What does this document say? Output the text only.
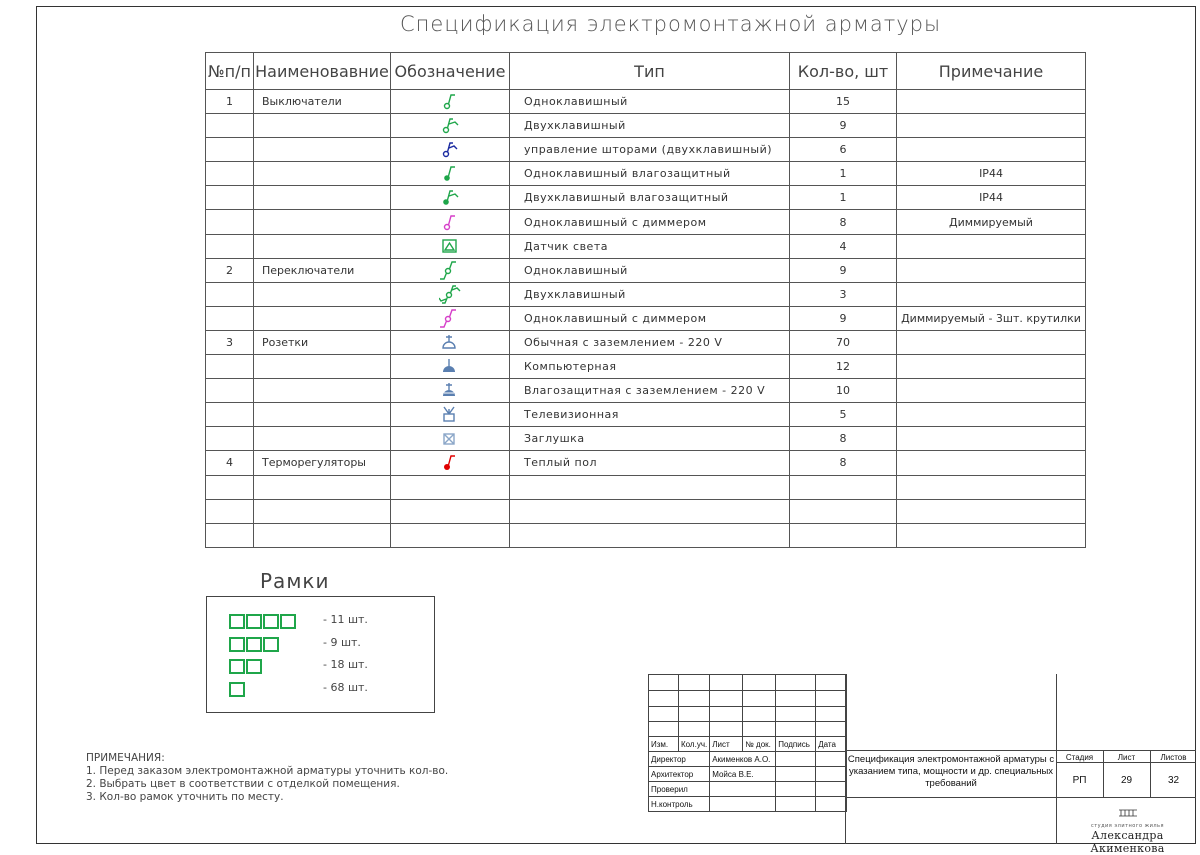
Спецификация электромонтажной арматуры
№п/п	Наименовавние	Обозначение	Тип	Кол-во, шт	Примечание
1	Выключатели		Одноклавишный	15	
			Двухклавишный	9	
			управление шторами (двухклавишный)	6	
			Одноклавишный влагозащитный	1	IP44
			Двухклавишный влагозащитный	1	IP44
			Одноклавишный с диммером	8	Диммируемый
			Датчик света	4	
2	Переключатели		Одноклавишный	9	
			Двухклавишный	3	
			Одноклавишный с диммером	9	Диммируемый - 3шт. крутилки
3	Розетки		Обычная с заземлением - 220 V	70	
			Компьютерная	12	
			Влагозащитная с заземлением - 220 V	10	
			Телевизионная	5	
			Заглушка	8	
4	Терморегуляторы		Теплый пол	8	

Рамки
- 11 шт.
- 9 шт.
- 18 шт.
- 68 шт.
ПРИМЕЧАНИЯ:
1. Перед заказом электромонтажной арматуры уточнить кол-во.
2. Выбрать цвет в соответствии с отделкой помещения.
3. Кол-во рамок уточнить по месту.

Изм.	Кол.уч.	Лист	№ док.	Подпись	Дата
Директор		Акименков А.О.			
Архитектор		Мойса В.Е.			
Проверил					
Н.контроль					
Спецификация электромонтажной арматуры с указанием типа, мощности и др. специальных требований
Стадия	Лист	Листов
РП	29	32
студия элитного жилья
Александра Акименкова
